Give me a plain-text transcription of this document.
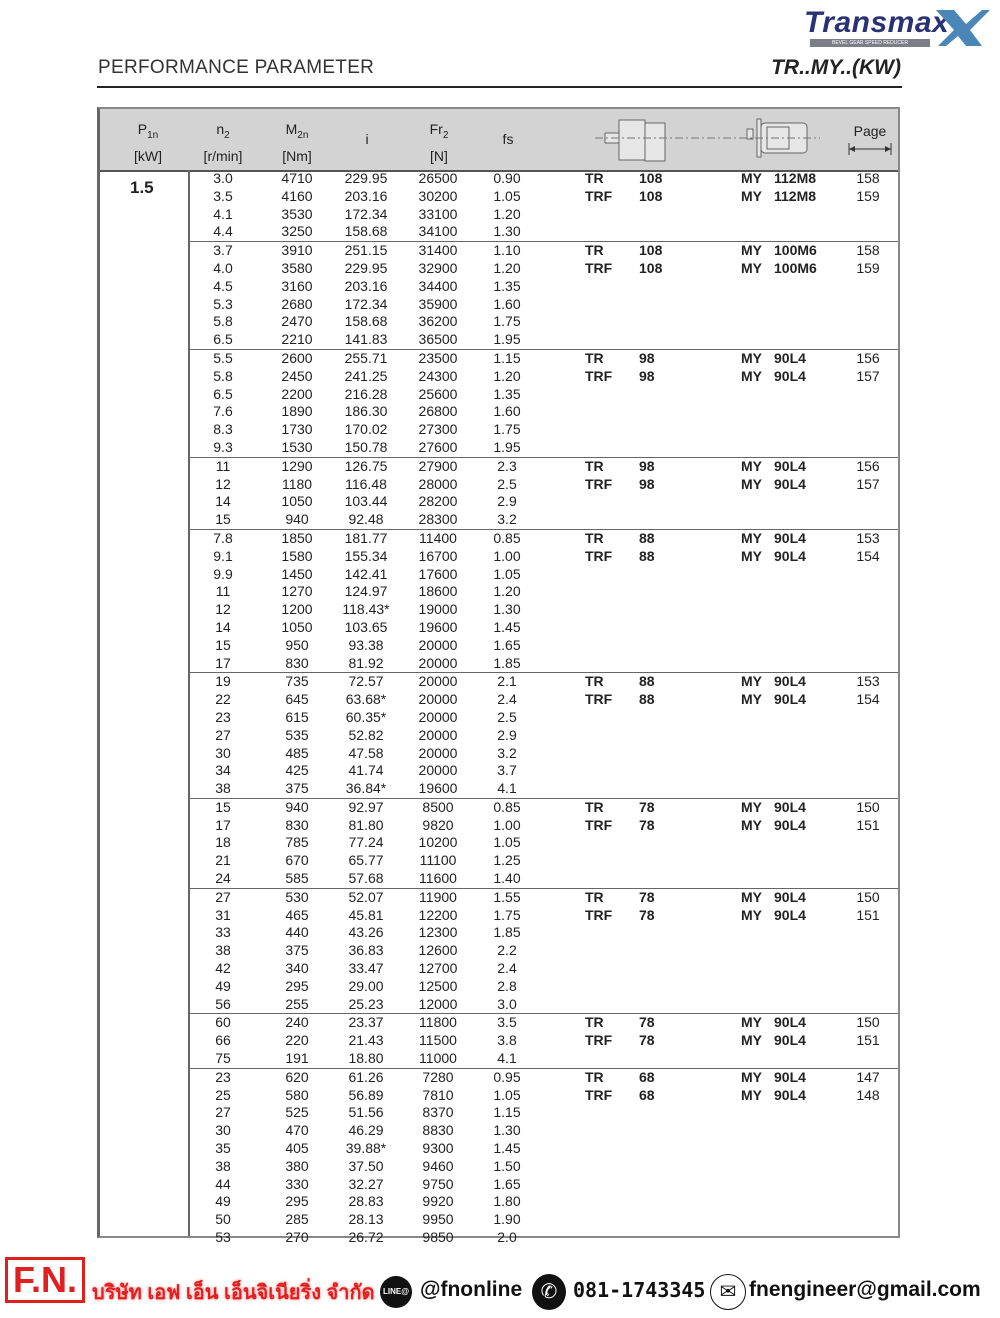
Transmax
BEVEL GEAR SPEED REDUCER
PERFORMANCE PARAMETER	TR..MY..(KW)
$P_{1n}$
[kW]
$n_2$
[r/min]
$M_{2n}$
[Nm]
i
$Fr_2$
[N]
fs	Page
1.5	3.0	4710 229.95 26500	0.90	TR	108	MY 112M8	158
3.5	4160 203.16 30200	1.05	TRF 108	MY 112M8	159
4.1	3530 172.34 33100	1.20
4.4	3250 158.68 34100	1.30
3.7	3910 251.15 31400	1.10	TR	108	MY 100M6	158
4.0	3580 229.95 32900	1.20	TRF 108	MY 100M6	159
4.5	3160 203.16 34400	1.35
5.3	2680 172.34 35900	1.60
5.8	2470 158.68 36200	1.75
6.5	2210 141.83 36500	1.95
5.5	2600 255.71 23500	1.15	TR	98	MY 90L4	156
5.8	2450 241.25 24300	1.20	TRF 98	MY 90L4	157
6.5	2200 216.28 25600	1.35
7.6	1890 186.30 26800	1.60
8.3	1730 170.02 27300	1.75
9.3	1530 150.78 27600	1.95
11	1290 126.75 27900	2.3	TR	98	MY 90L4	156
12	1180 116.48 28000	2.5	TRF 98	MY 90L4	157
14	1050 103.44 28200	2.9
15	940	92.48	28300	3.2
7.8	1850 181.77 11400	0.85	TR	88	MY 90L4	153
9.1	1580 155.34 16700	1.00	TRF 88	MY 90L4	154
9.9	1450 142.41 17600	1.05
11	1270 124.97 18600	1.20
12	1200 118.43* 19000	1.30
14	1050 103.65 19600	1.45
15	950	93.38	20000	1.65
17	830	81.92	20000	1.85
19	735	72.57	20000	2.1	TR	88	MY 90L4	153
22	645	63.68* 20000	2.4	TRF 88	MY 90L4	154
23	615	60.35* 20000	2.5
27	535	52.82	20000	2.9
30	485	47.58	20000	3.2
34	425	41.74	20000	3.7
38	375	36.84* 19600	4.1
15	940	92.97	8500	0.85	TR	78	MY 90L4	150
17	830	81.80	9820	1.00	TRF 78	MY 90L4	151
18	785	77.24	10200	1.05
21	670	65.77	11100	1.25
24	585	57.68	11600	1.40
27	530	52.07	11900	1.55	TR	78	MY 90L4	150
31	465	45.81	12200	1.75	TRF 78	MY 90L4	151
33	440	43.26	12300	1.85
38	375	36.83	12600	2.2
42	340	33.47	12700	2.4
49	295	29.00	12500	2.8
56	255	25.23	12000	3.0
60	240	23.37	11800	3.5	TR	78	MY 90L4	150
66	220	21.43	11500	3.8	TRF 78	MY 90L4	151
75	191	18.80	11000	4.1
23	620	61.26	7280	0.95	TR	68	MY 90L4	147
25	580	56.89	7810	1.05	TRF 68	MY 90L4	148
27	525	51.56	8370	1.15
30	470	46.29	8830	1.30
35	405	39.88*	9300	1.45
38	380	37.50	9460	1.50
44	330	32.27	9750	1.65
49	295	28.83	9920	1.80
50	285	28.13	9950	1.90
53	270	26.72	9850	2.0
F.N. บริษัท เอฟ เอ็น เอ็นจิเนียริ่ง จำกัด	LINE@ @fnonline ✆ 081-1743345 ✉ fnengineer@gmail.com
